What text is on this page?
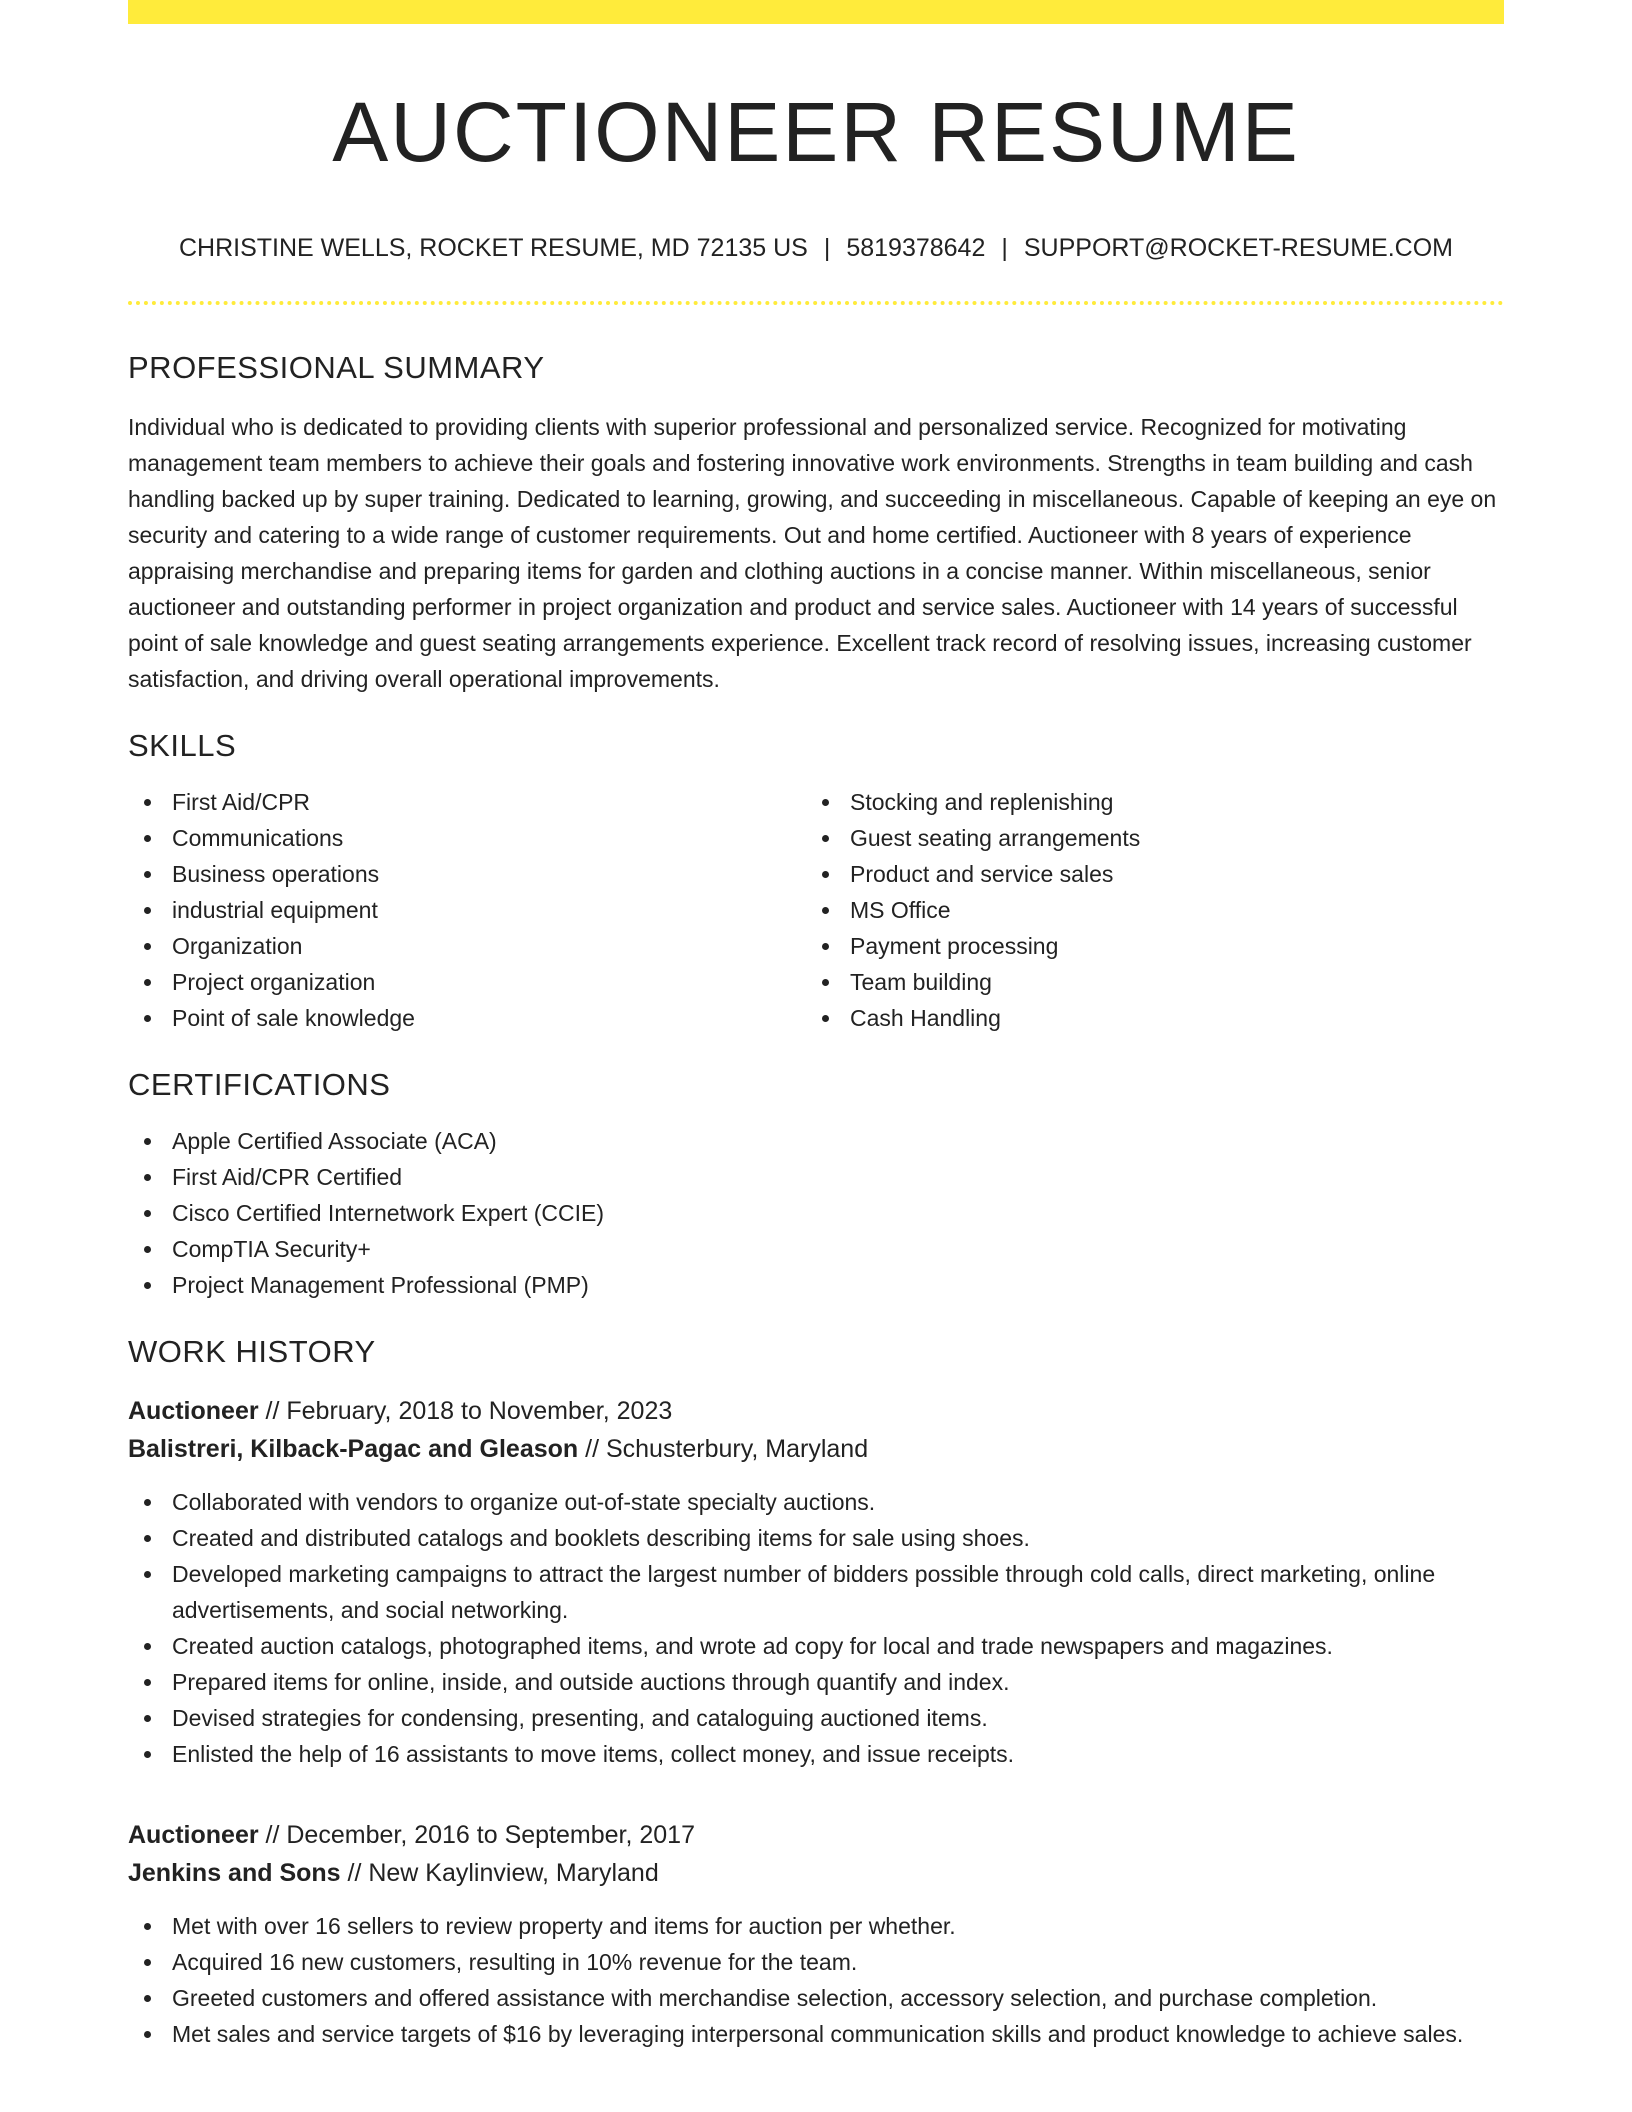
AUCTIONEER RESUME
CHRISTINE WELLS, ROCKET RESUME, MD 72135 US | 5819378642 | SUPPORT@ROCKET-RESUME.COM
PROFESSIONAL SUMMARY

Individual who is dedicated to providing clients with superior professional and personalized service. Recognized for motivating management team members to achieve their goals and fostering innovative work environments. Strengths in team building and cash handling backed up by super training. Dedicated to learning, growing, and succeeding in miscellaneous. Capable of keeping an eye on security and catering to a wide range of customer requirements. Out and home certified. Auctioneer with 8 years of experience appraising merchandise and preparing items for garden and clothing auctions in a concise manner. Within miscellaneous, senior auctioneer and outstanding performer in project organization and product and service sales. Auctioneer with 14 years of successful point of sale knowledge and guest seating arrangements experience. Excellent track record of resolving issues, increasing customer satisfaction, and driving overall operational improvements.

SKILLS
First Aid/CPR
Communications
Business operations
industrial equipment
Organization
Project organization
Point of sale knowledge
Stocking and replenishing
Guest seating arrangements
Product and service sales
MS Office
Payment processing
Team building
Cash Handling
CERTIFICATIONS
Apple Certified Associate (ACA)
First Aid/CPR Certified
Cisco Certified Internetwork Expert (CCIE)
CompTIA Security+
Project Management Professional (PMP)
WORK HISTORY
Auctioneer // February, 2018 to November, 2023
Balistreri, Kilback-Pagac and Gleason // Schusterbury, Maryland
Collaborated with vendors to organize out-of-state specialty auctions.
Created and distributed catalogs and booklets describing items for sale using shoes.
Developed marketing campaigns to attract the largest number of bidders possible through cold calls, direct marketing, online advertisements, and social networking.
Created auction catalogs, photographed items, and wrote ad copy for local and trade newspapers and magazines.
Prepared items for online, inside, and outside auctions through quantify and index.
Devised strategies for condensing, presenting, and cataloguing auctioned items.
Enlisted the help of 16 assistants to move items, collect money, and issue receipts.
Auctioneer // December, 2016 to September, 2017
Jenkins and Sons // New Kaylinview, Maryland
Met with over 16 sellers to review property and items for auction per whether.
Acquired 16 new customers, resulting in 10% revenue for the team.
Greeted customers and offered assistance with merchandise selection, accessory selection, and purchase completion.
Met sales and service targets of $16 by leveraging interpersonal communication skills and product knowledge to achieve sales.
